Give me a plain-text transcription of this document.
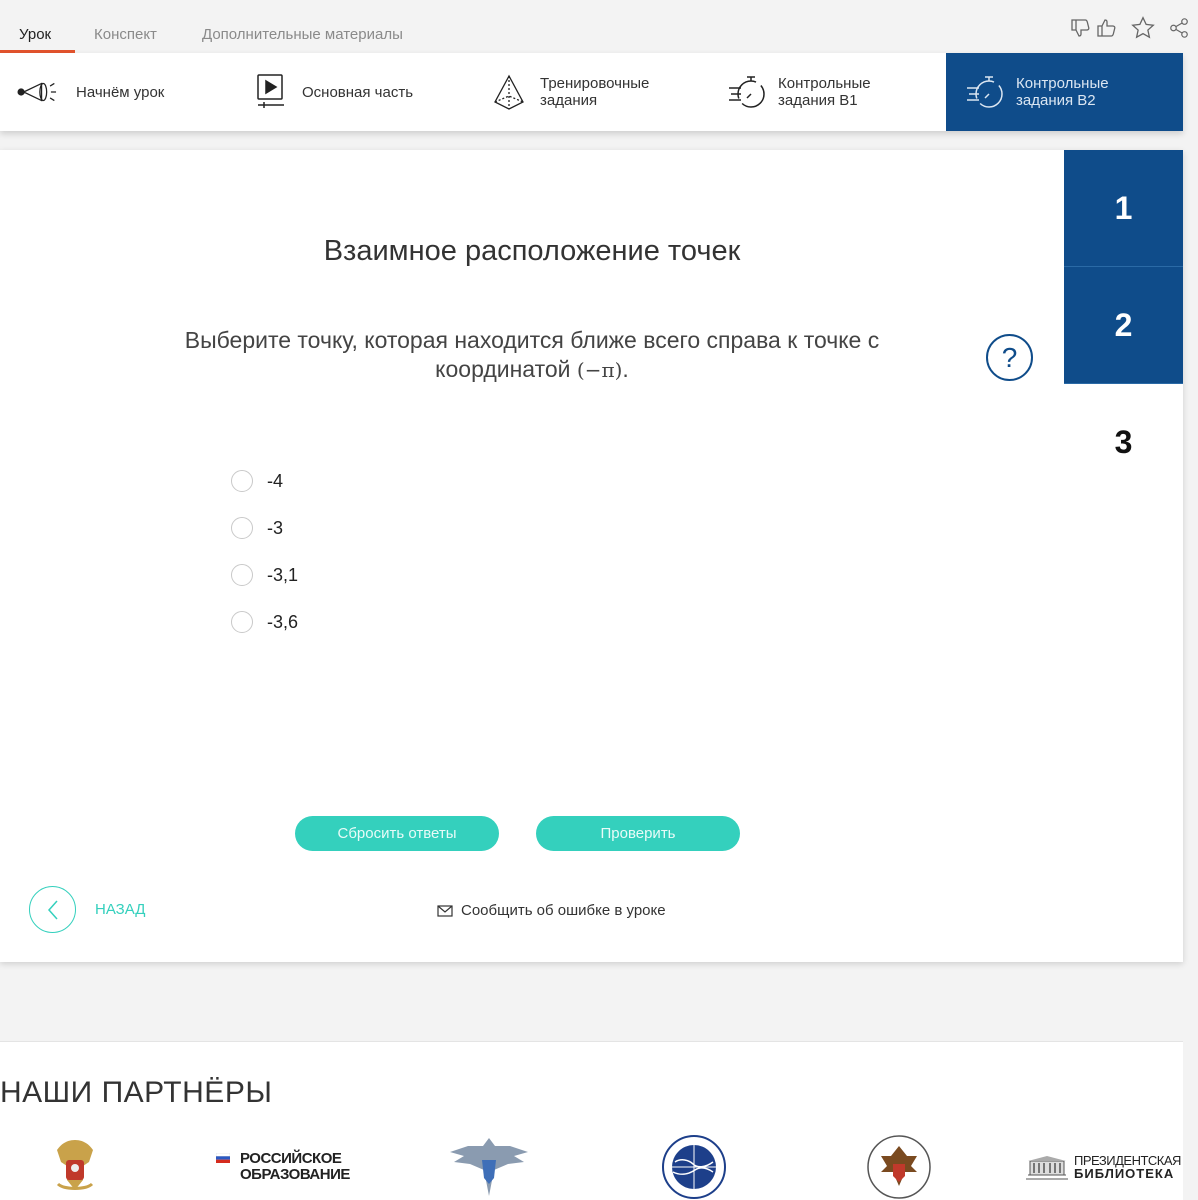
Урок	Конспект	Дополнительные материалы
Начнём урок	Основная часть	Тренировочные задания
Контрольные задания В1
Контрольные задания В2
Взаимное расположение точек
Выберите точку, которая находится ближе всего справа к точке с координатой (−π).	?
-4
-3
-3,1
-3,6
Сбросить ответы	Проверить
НАЗАД	Сообщить об ошибке в уроке
1
2
3
НАШИ ПАРТНЁРЫ
РОССИЙСКОЕ
ОБРАЗОВАНИЕ
ПРЕЗИДЕНТСКАЯ
БИБЛИОТЕКА
